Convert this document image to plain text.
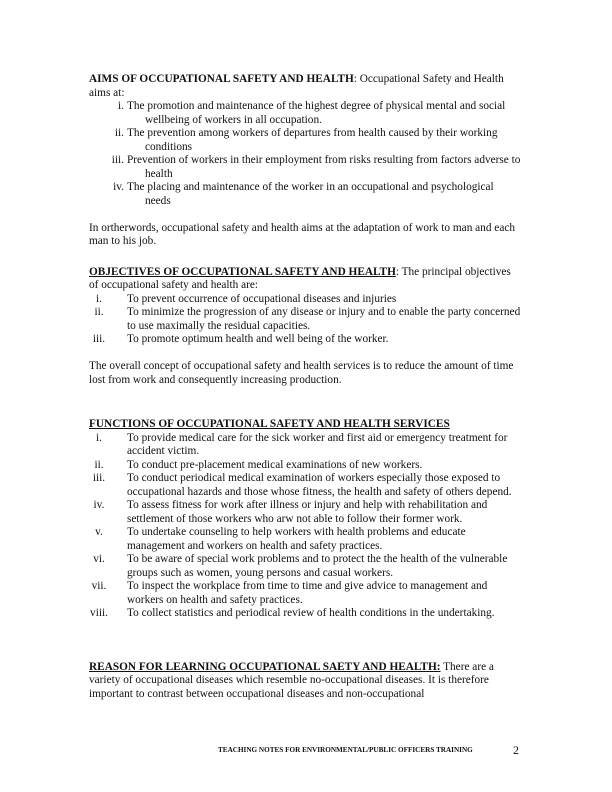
AIMS OF OCCUPATIONAL SAFETY AND HEALTH: Occupational Safety and Health aims at:

i. The promotion and maintenance of the highest degree of physical mental and social wellbeing of workers in all occupation.
ii. The prevention among workers of departures from health caused by their working conditions
iii. Prevention of workers in their employment from risks resulting from factors adverse to health
iv. The placing and maintenance of the worker in an occupational and psychological needs

In ortherwords, occupational safety and health aims at the adaptation of work to man and each man to his job.

OBJECTIVES OF OCCUPATIONAL SAFETY AND HEALTH: The principal objectives of occupational safety and health are:

i.	To prevent occurrence of occupational diseases and injuries
ii.	To minimize the progression of any disease or injury and to enable the party concerned to use maximally the residual capacities.
iii.	To promote optimum health and well being of the worker.

The overall concept of occupational safety and health services is to reduce the amount of time lost from work and consequently increasing production.

FUNCTIONS OF OCCUPATIONAL SAFETY AND HEALTH SERVICES

i.	To provide medical care for the sick worker and first aid or emergency treatment for accident victim.
ii.	To conduct pre-placement medical examinations of new workers.
iii.	To conduct periodical medical examination of workers especially those exposed to occupational hazards and those whose fitness, the health and safety of others depend.
iv.	To assess fitness for work after illness or injury and help with rehabilitation and settlement of those workers who arw not able to follow their former work.
v.	To undertake counseling to help workers with health problems and educate management and workers on health and safety practices.
vi.	To be aware of special work problems and to protect the the health of the vulnerable groups such as women, young persons and casual workers.
vii. To inspect the workplace from time to time and give advice to management and workers on health and safety practices.
viii. To collect statistics and periodical review of health conditions in the undertaking.

REASON FOR LEARNING OCCUPATIONAL SAETY AND HEALTH: There are a variety of occupational diseases which resemble no-occupational diseases. It is therefore important to contrast between occupational diseases and non-occupational

TEACHING NOTES FOR ENVIRONMENTAL/PUBLIC OFFICERS TRAINING	2
